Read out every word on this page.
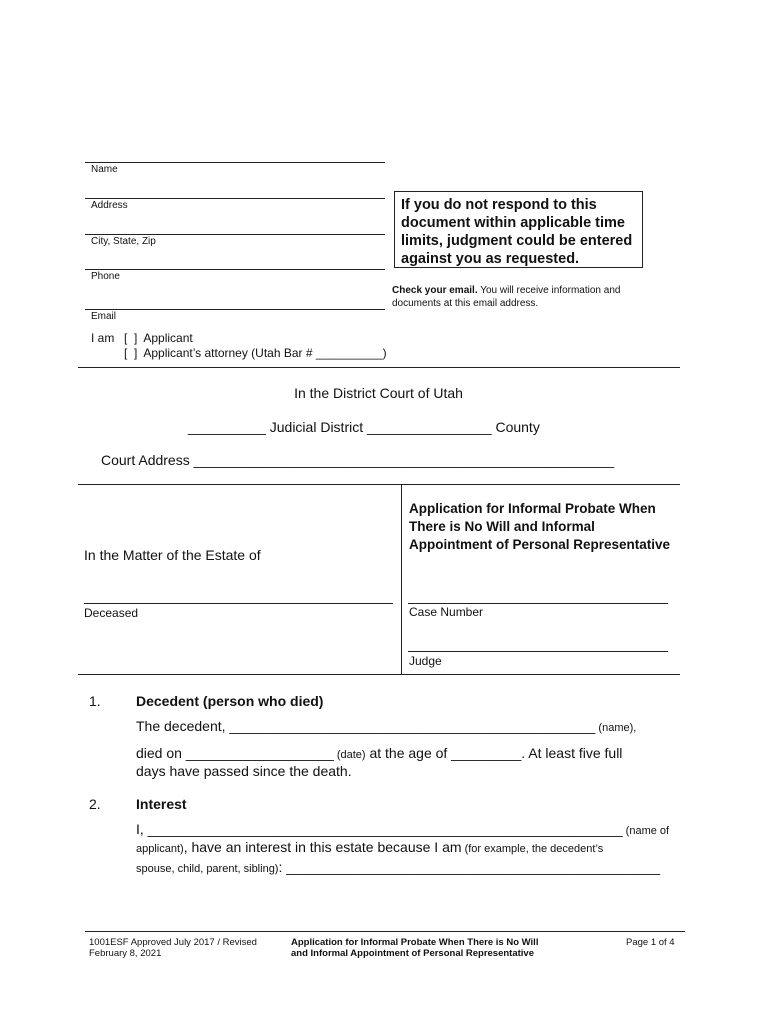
Name
Address
City, State, Zip
Phone
Email
If you do not respond to this document within applicable time limits, judgment could be entered against you as requested.
Check your email. You will receive information and documents at this email address.
I am [  ]  Applicant
[  ]  Applicant’s attorney (Utah Bar # __________)
In the District Court of Utah
__________ Judicial District ________________ County
Court Address ______________________________________________________
In the Matter of the Estate of
Deceased
Application for Informal Probate When There is No Will and Informal Appointment of Personal Representative
Case Number
Judge
1.	Decedent (person who died)
The decedent, _______________________________________________ (name),
died on ___________________ (date) at the age of _________. At least five full
days have passed since the death.
2.	Interest
I, _____________________________________________________________ (name of
applicant), have an interest in this estate because I am (for example, the decedent’s
spouse, child, parent, sibling): ________________________________________________
1001ESF Approved July 2017 / Revised
February 8, 2021
Application for Informal Probate When There is No Will
and Informal Appointment of Personal Representative
Page 1 of 4
